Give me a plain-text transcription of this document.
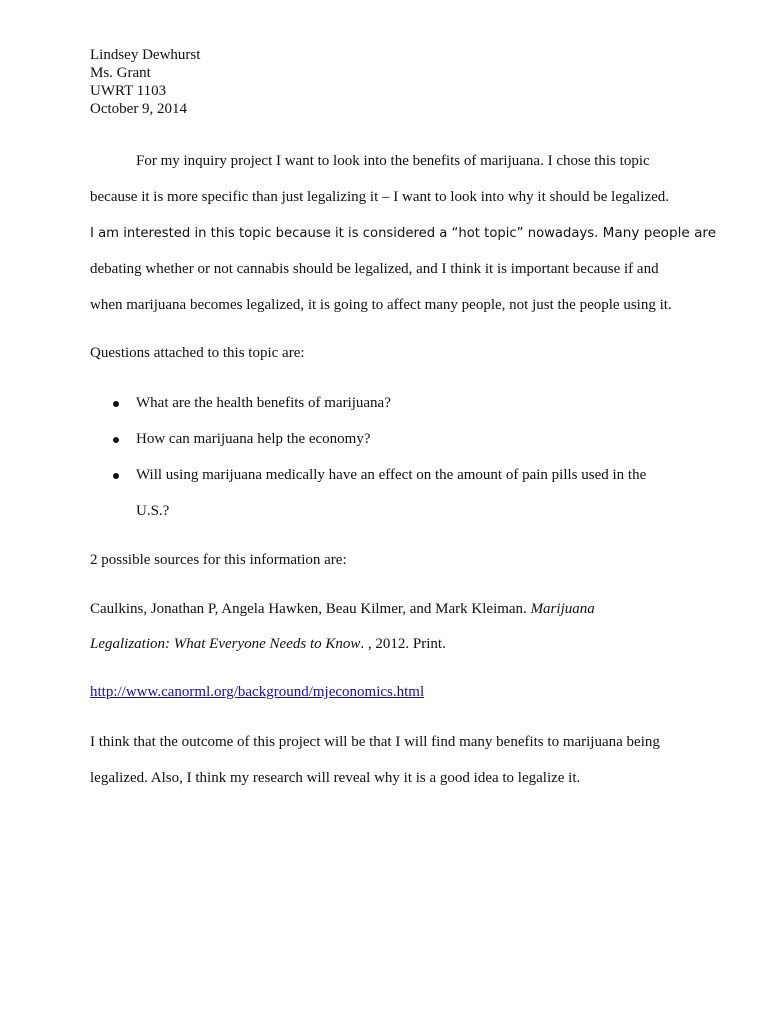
Lindsey Dewhurst
Ms. Grant
UWRT 1103
October 9, 2014
For my inquiry project I want to look into the benefits of marijuana. I chose this topic
because it is more specific than just legalizing it – I want to look into why it should be legalized.
I am interested in this topic because it is considered a “hot topic” nowadays. Many people are
debating whether or not cannabis should be legalized, and I think it is important because if and
when marijuana becomes legalized, it is going to affect many people, not just the people using it.
Questions attached to this topic are:
What are the health benefits of marijuana?
How can marijuana help the economy?
Will using marijuana medically have an effect on the amount of pain pills used in the
U.S.?
2 possible sources for this information are:
Caulkins, Jonathan P, Angela Hawken, Beau Kilmer, and Mark Kleiman. Marijuana
Legalization: What Everyone Needs to Know. , 2012. Print.
http://www.canorml.org/background/mjeconomics.html
I think that the outcome of this project will be that I will find many benefits to marijuana being
legalized. Also, I think my research will reveal why it is a good idea to legalize it.
